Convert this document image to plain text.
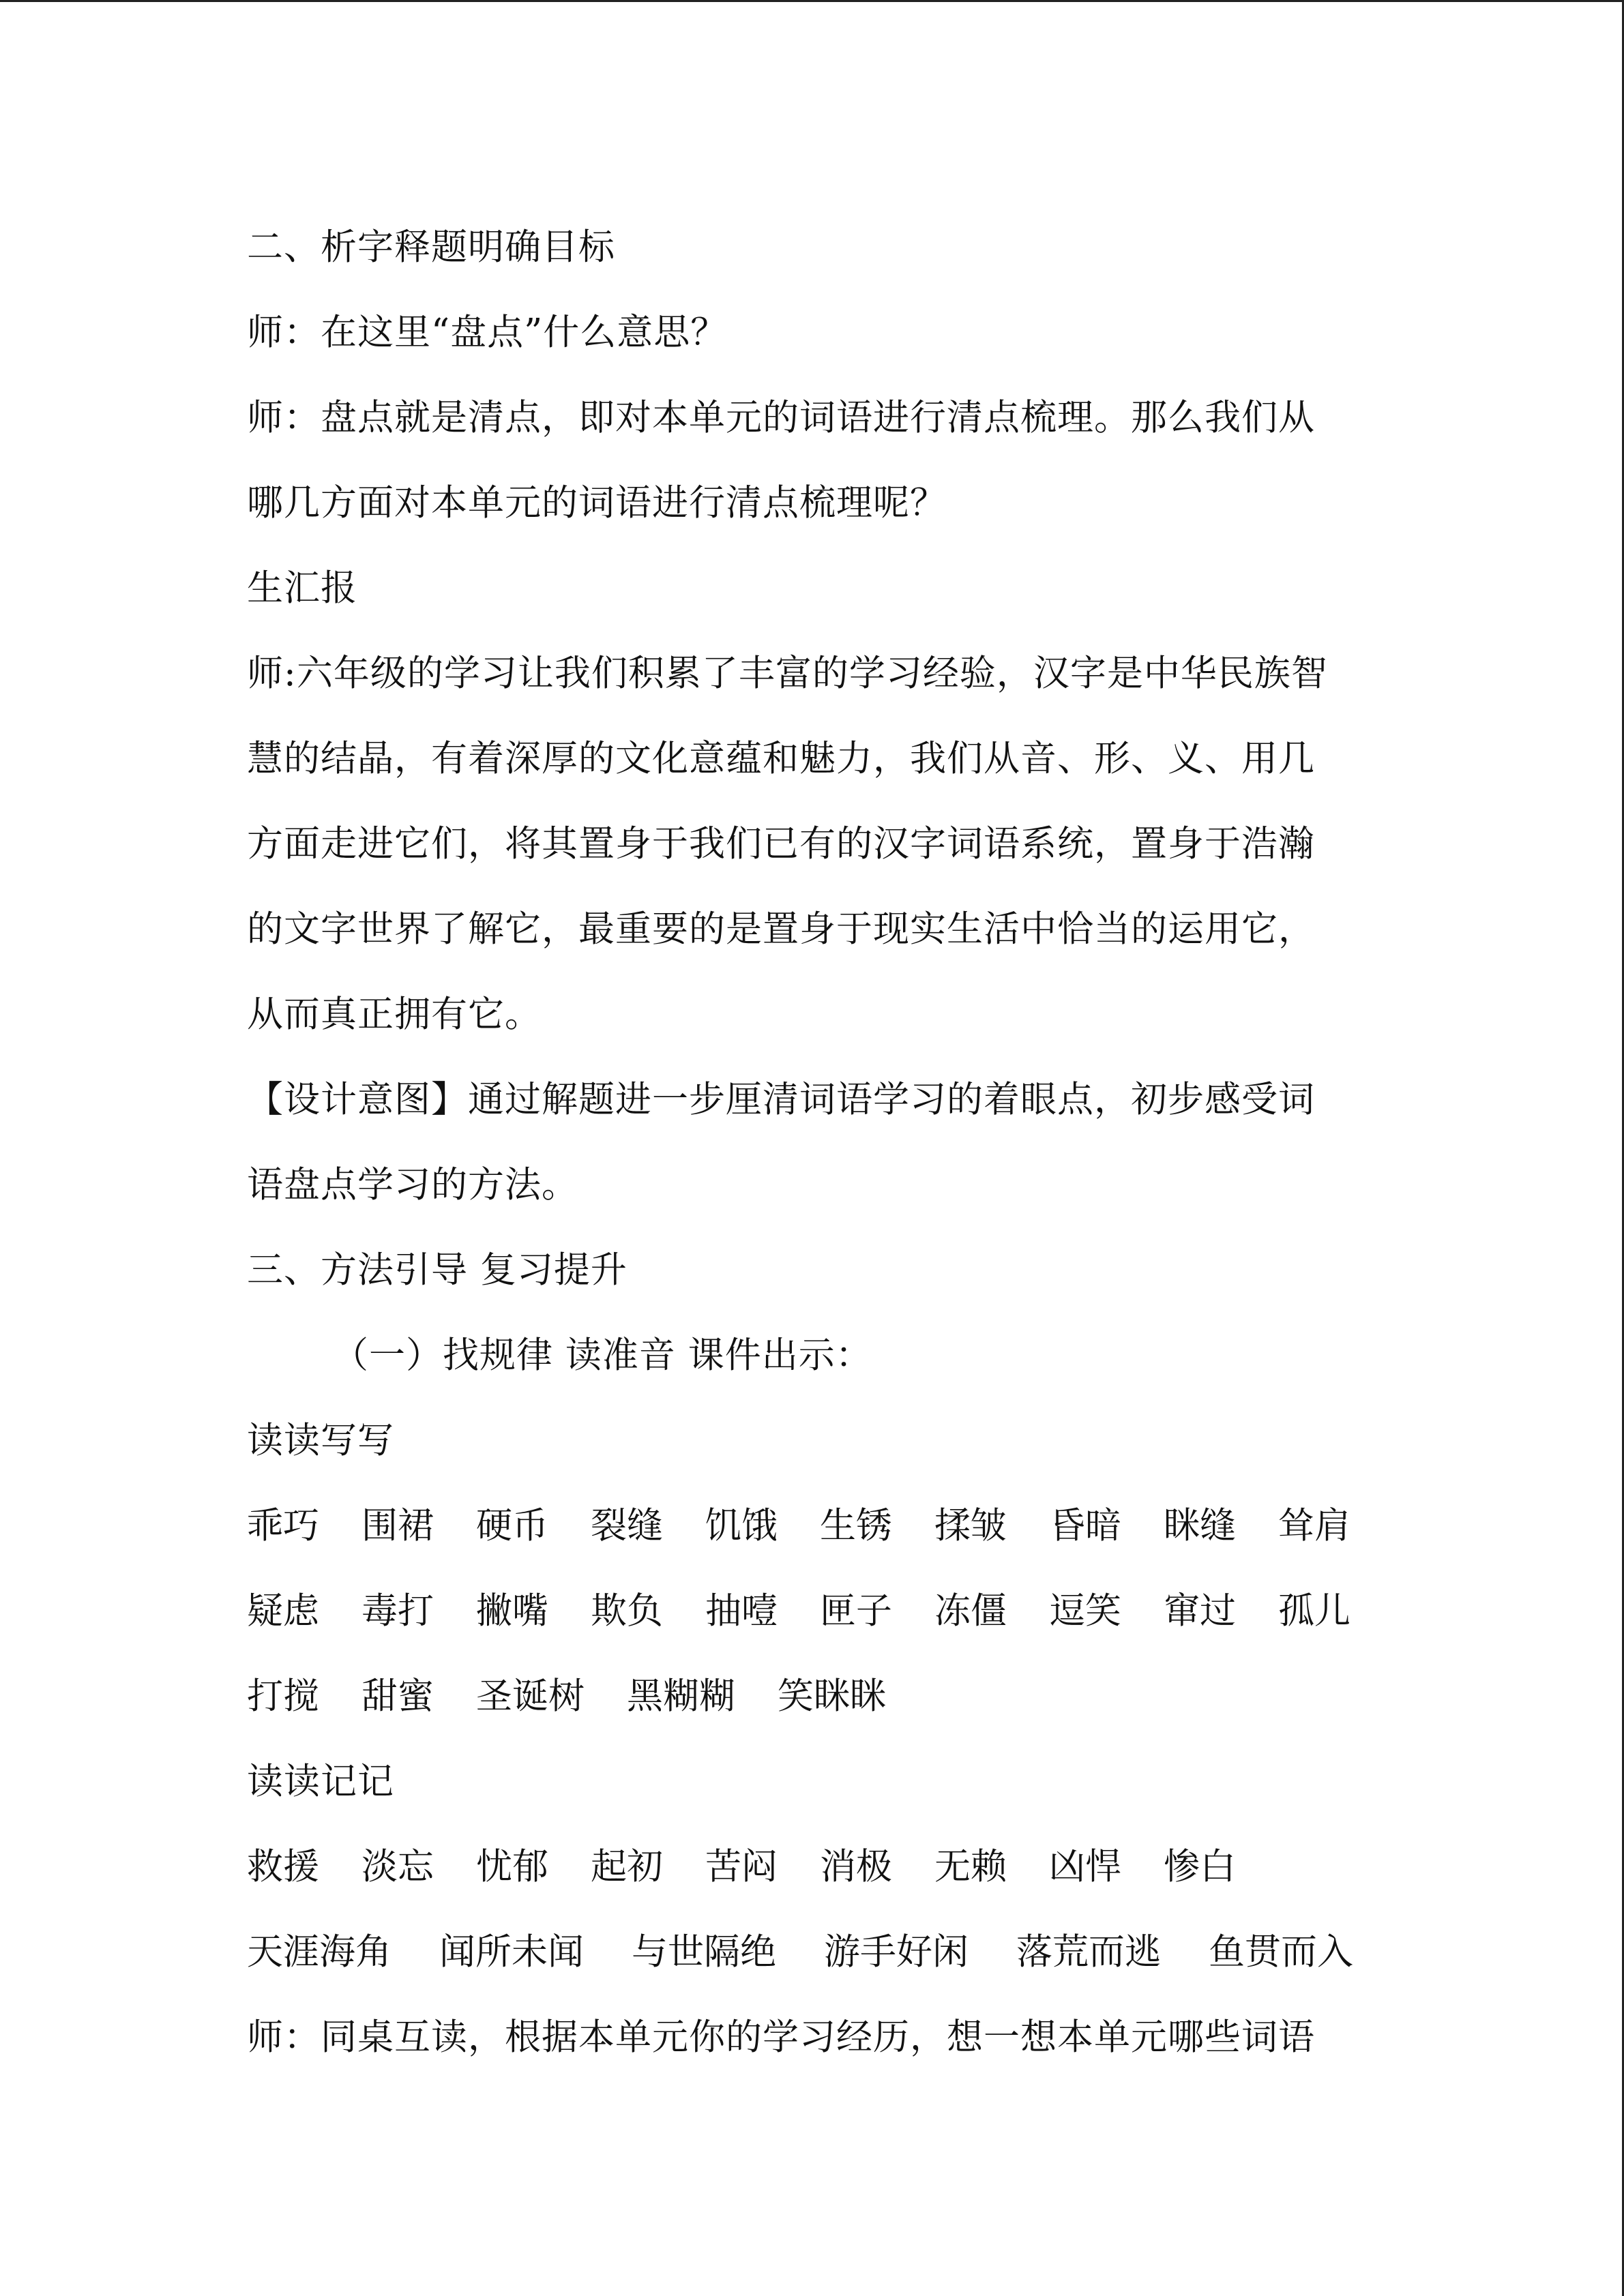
二、析字释题明确目标
师：在这里“盘点”什么意思？
师：盘点就是清点，即对本单元的词语进行清点梳理。那么我们从
哪几方面对本单元的词语进行清点梳理呢？
生汇报
师:六年级的学习让我们积累了丰富的学习经验，汉字是中华民族智
慧的结晶，有着深厚的文化意蕴和魅力，我们从音、形、义、用几
方面走进它们，将其置身于我们已有的汉字词语系统，置身于浩瀚
的文字世界了解它，最重要的是置身于现实生活中恰当的运用它，
从而真正拥有它。
【设计意图】通过解题进一步厘清词语学习的着眼点，初步感受词
语盘点学习的方法。
三、方法引导 复习提升
（一）找规律 读准音 课件出示：
读读写写
乖巧 围裙 硬币 裂缝 饥饿 生锈 揉皱 昏暗 眯缝 耸肩
疑虑 毒打 撇嘴 欺负 抽噎 匣子 冻僵 逗笑 窜过 孤儿
打搅 甜蜜 圣诞树 黑糊糊 笑眯眯
读读记记
救援 淡忘 忧郁 起初 苦闷 消极 无赖 凶悍 惨白
天涯海角 闻所未闻 与世隔绝 游手好闲 落荒而逃 鱼贯而入
师：同桌互读，根据本单元你的学习经历，想一想本单元哪些词语
